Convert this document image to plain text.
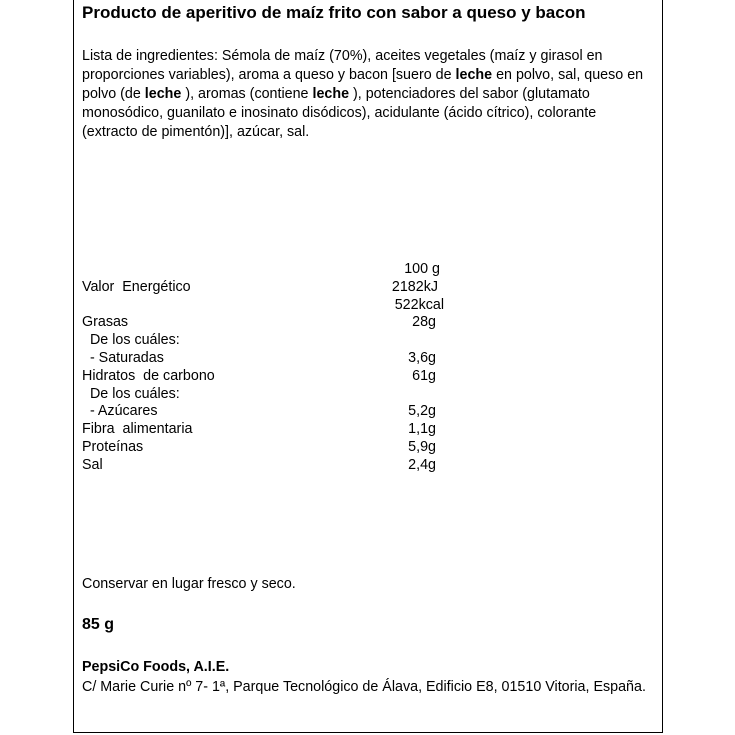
Producto de aperitivo de maíz frito con sabor a queso y bacon
Lista de ingredientes: Sémola de maíz (70%), aceites vegetales (maíz y girasol en proporciones variables), aroma a queso y bacon [suero de leche en polvo, sal, queso en polvo (de leche ), aromas (contiene leche ), potenciadores del sabor (glutamato monosódico, guanilato e inosinato disódicos), acidulante (ácido cítrico), colorante (extracto de pimentón)], azúcar, sal.
100 g
Valor  Energético	2182kJ
522kcal
Grasas	28g
De los cuáles:
- Saturadas	3,6g
Hidratos  de carbono	61g
De los cuáles:
- Azúcares	5,2g
Fibra  alimentaria	1,1g
Proteínas	5,9g
Sal	2,4g
Conservar en lugar fresco y seco.
85 g
PepsiCo Foods, A.I.E.
C/ Marie Curie nº 7- 1ª, Parque Tecnológico de Álava, Edificio E8, 01510 Vitoria, España.
